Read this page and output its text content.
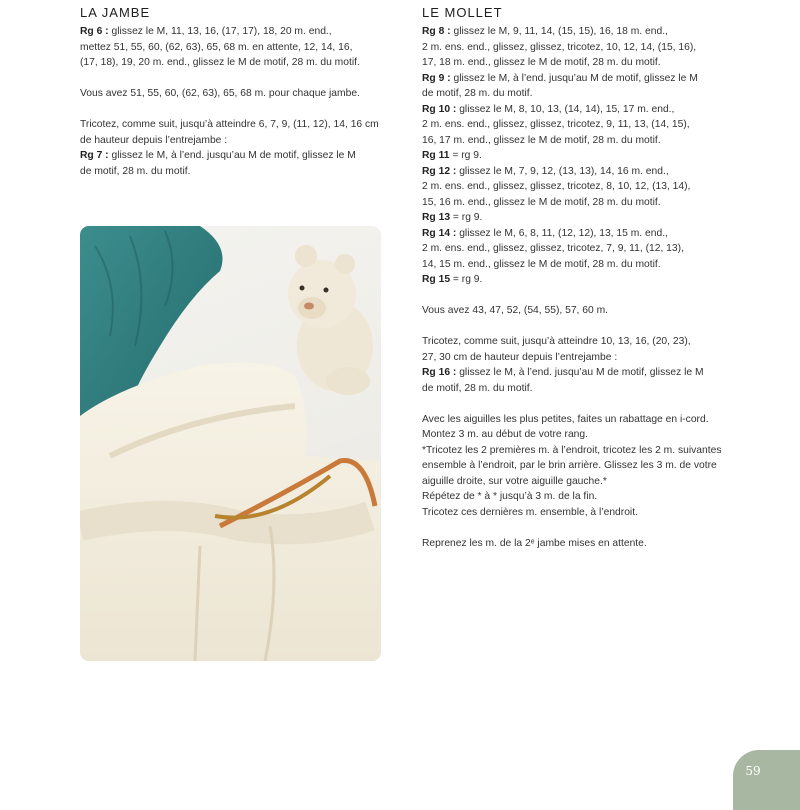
LA JAMBE
Rg 6 : glissez le M, 11, 13, 16, (17, 17), 18, 20 m. end.,
mettez 51, 55, 60, (62, 63), 65, 68 m. en attente, 12, 14, 16,
(17, 18), 19, 20 m. end., glissez le M de motif, 28 m. du motif.
Vous avez 51, 55, 60, (62, 63), 65, 68 m. pour chaque jambe.
Tricotez, comme suit, jusqu’à atteindre 6, 7, 9, (11, 12), 14, 16 cm
de hauteur depuis l’entrejambe :
Rg 7 : glissez le M, à l’end. jusqu’au M de motif, glissez le M
de motif, 28 m. du motif.
LE MOLLET
Rg 8 : glissez le M, 9, 11, 14, (15, 15), 16, 18 m. end.,
2 m. ens. end., glissez, glissez, tricotez, 10, 12, 14, (15, 16),
17, 18 m. end., glissez le M de motif, 28 m. du motif.
Rg 9 : glissez le M, à l’end. jusqu’au M de motif, glissez le M
de motif, 28 m. du motif.
Rg 10 : glissez le M, 8, 10, 13, (14, 14), 15, 17 m. end.,
2 m. ens. end., glissez, glissez, tricotez, 9, 11, 13, (14, 15),
16, 17 m. end., glissez le M de motif, 28 m. du motif.
Rg 11 = rg 9.
Rg 12 : glissez le M, 7, 9, 12, (13, 13), 14, 16 m. end.,
2 m. ens. end., glissez, glissez, tricotez, 8, 10, 12, (13, 14),
15, 16 m. end., glissez le M de motif, 28 m. du motif.
Rg 13 = rg 9.
Rg 14 : glissez le M, 6, 8, 11, (12, 12), 13, 15 m. end.,
2 m. ens. end., glissez, glissez, tricotez, 7, 9, 11, (12, 13),
14, 15 m. end., glissez le M de motif, 28 m. du motif.
Rg 15 = rg 9.
Vous avez 43, 47, 52, (54, 55), 57, 60 m.
Tricotez, comme suit, jusqu’à atteindre 10, 13, 16, (20, 23),
27, 30 cm de hauteur depuis l’entrejambe :
Rg 16 : glissez le M, à l’end. jusqu’au M de motif, glissez le M
de motif, 28 m. du motif.
Avec les aiguilles les plus petites, faites un rabattage en i-cord.
Montez 3 m. au début de votre rang.
*Tricotez les 2 premières m. à l’endroit, tricotez les 2 m. suivantes
ensemble à l’endroit, par le brin arrière. Glissez les 3 m. de votre
aiguille droite, sur votre aiguille gauche.*
Répétez de * à * jusqu’à 3 m. de la fin.
Tricotez ces dernières m. ensemble, à l’endroit.
Reprenez les m. de la 2ᵉ jambe mises en attente.
59
